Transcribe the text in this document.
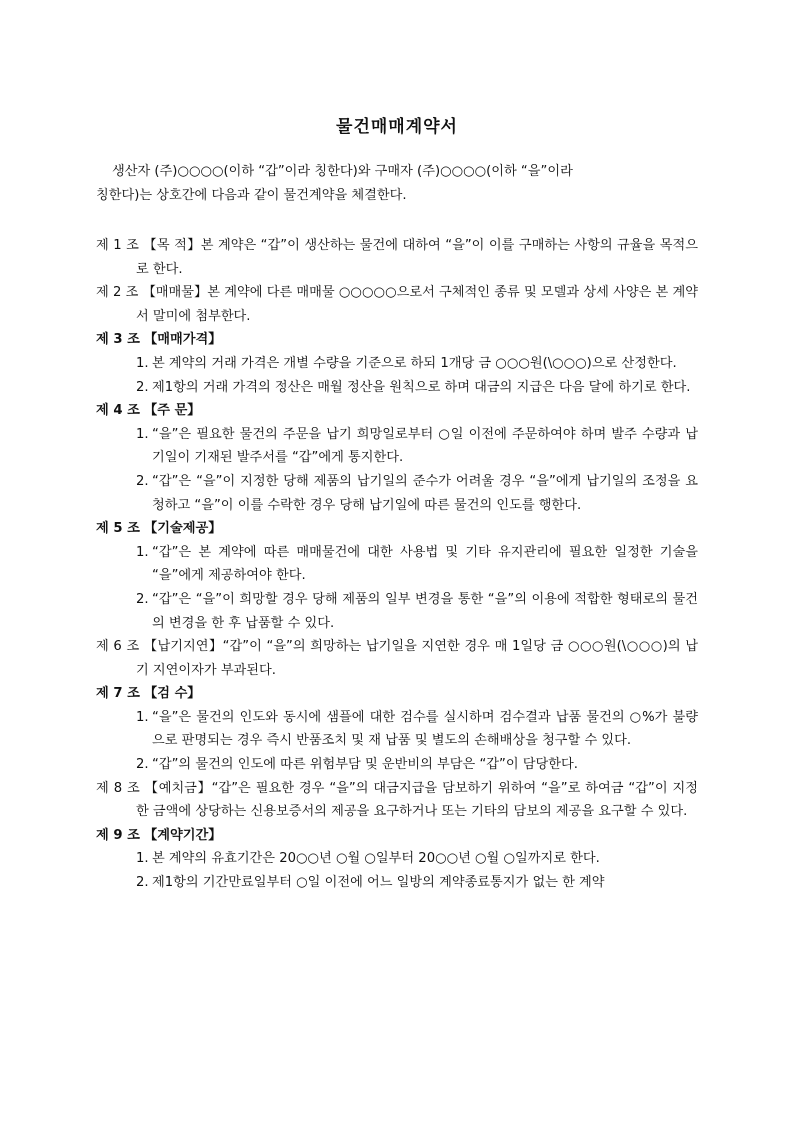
물건매매계약서
생산자 (주)○○○○(이하 “갑”이라 칭한다)와 구매자 (주)○○○○(이하 “을”이라
칭한다)는 상호간에 다음과 같이 물건계약을 체결한다.

제 1 조 【목 적】본 계약은 “갑”이 생산하는 물건에 대하여 “을”이 이를 구매하는 사항의 규율을 목적으로 한다.

제 2 조 【매매물】본 계약에 다른 매매물 ○○○○○으로서 구체적인 종류 및 모델과 상세 사양은 본 계약서 말미에 첨부한다.

제 3 조 【매매가격】

1. 본 계약의 거래 가격은 개별 수량을 기준으로 하되 1개당 금 ○○○원(\○○○)으로 산정한다.

2. 제1항의 거래 가격의 정산은 매월 정산을 원칙으로 하며 대금의 지급은 다음 달에 하기로 한다.

제 4 조 【주 문】

1. “을”은 필요한 물건의 주문을 납기 희망일로부터 ○일 이전에 주문하여야 하며 발주 수량과 납기일이 기재된 발주서를 “갑”에게 통지한다.

2. “갑”은 “을”이 지정한 당해 제품의 납기일의 준수가 어려울 경우 “을”에게 납기일의 조정을 요청하고 “을”이 이를 수락한 경우 당해 납기일에 따른 물건의 인도를 행한다.

제 5 조 【기술제공】

1. “갑”은 본 계약에 따른 매매물건에 대한 사용법 및 기타 유지관리에 필요한 일정한 기술을 “을”에게 제공하여야 한다.

2. “갑”은 “을”이 희망할 경우 당해 제품의 일부 변경을 통한 “을”의 이용에 적합한 형태로의 물건의 변경을 한 후 납품할 수 있다.

제 6 조 【납기지연】“갑”이 “을”의 희망하는 납기일을 지연한 경우 매 1일당 금 ○○○원(\○○○)의 납기 지연이자가 부과된다.

제 7 조 【검 수】

1. “을”은 물건의 인도와 동시에 샘플에 대한 검수를 실시하며 검수결과 납품 물건의 ○%가 불량으로 판명되는 경우 즉시 반품조치 및 재 납품 및 별도의 손해배상을 청구할 수 있다.

2. “갑”의 물건의 인도에 따른 위험부담 및 운반비의 부담은 “갑”이 담당한다.

제 8 조 【예치금】“갑”은 필요한 경우 “을”의 대금지급을 담보하기 위하여 “을”로 하여금 “갑”이 지정한 금액에 상당하는 신용보증서의 제공을 요구하거나 또는 기타의 담보의 제공을 요구할 수 있다.

제 9 조 【계약기간】

1. 본 계약의 유효기간은 20○○년 ○월 ○일부터 20○○년 ○월 ○일까지로 한다.

2. 제1항의 기간만료일부터 ○일 이전에 어느 일방의 계약종료통지가 없는 한 계약
